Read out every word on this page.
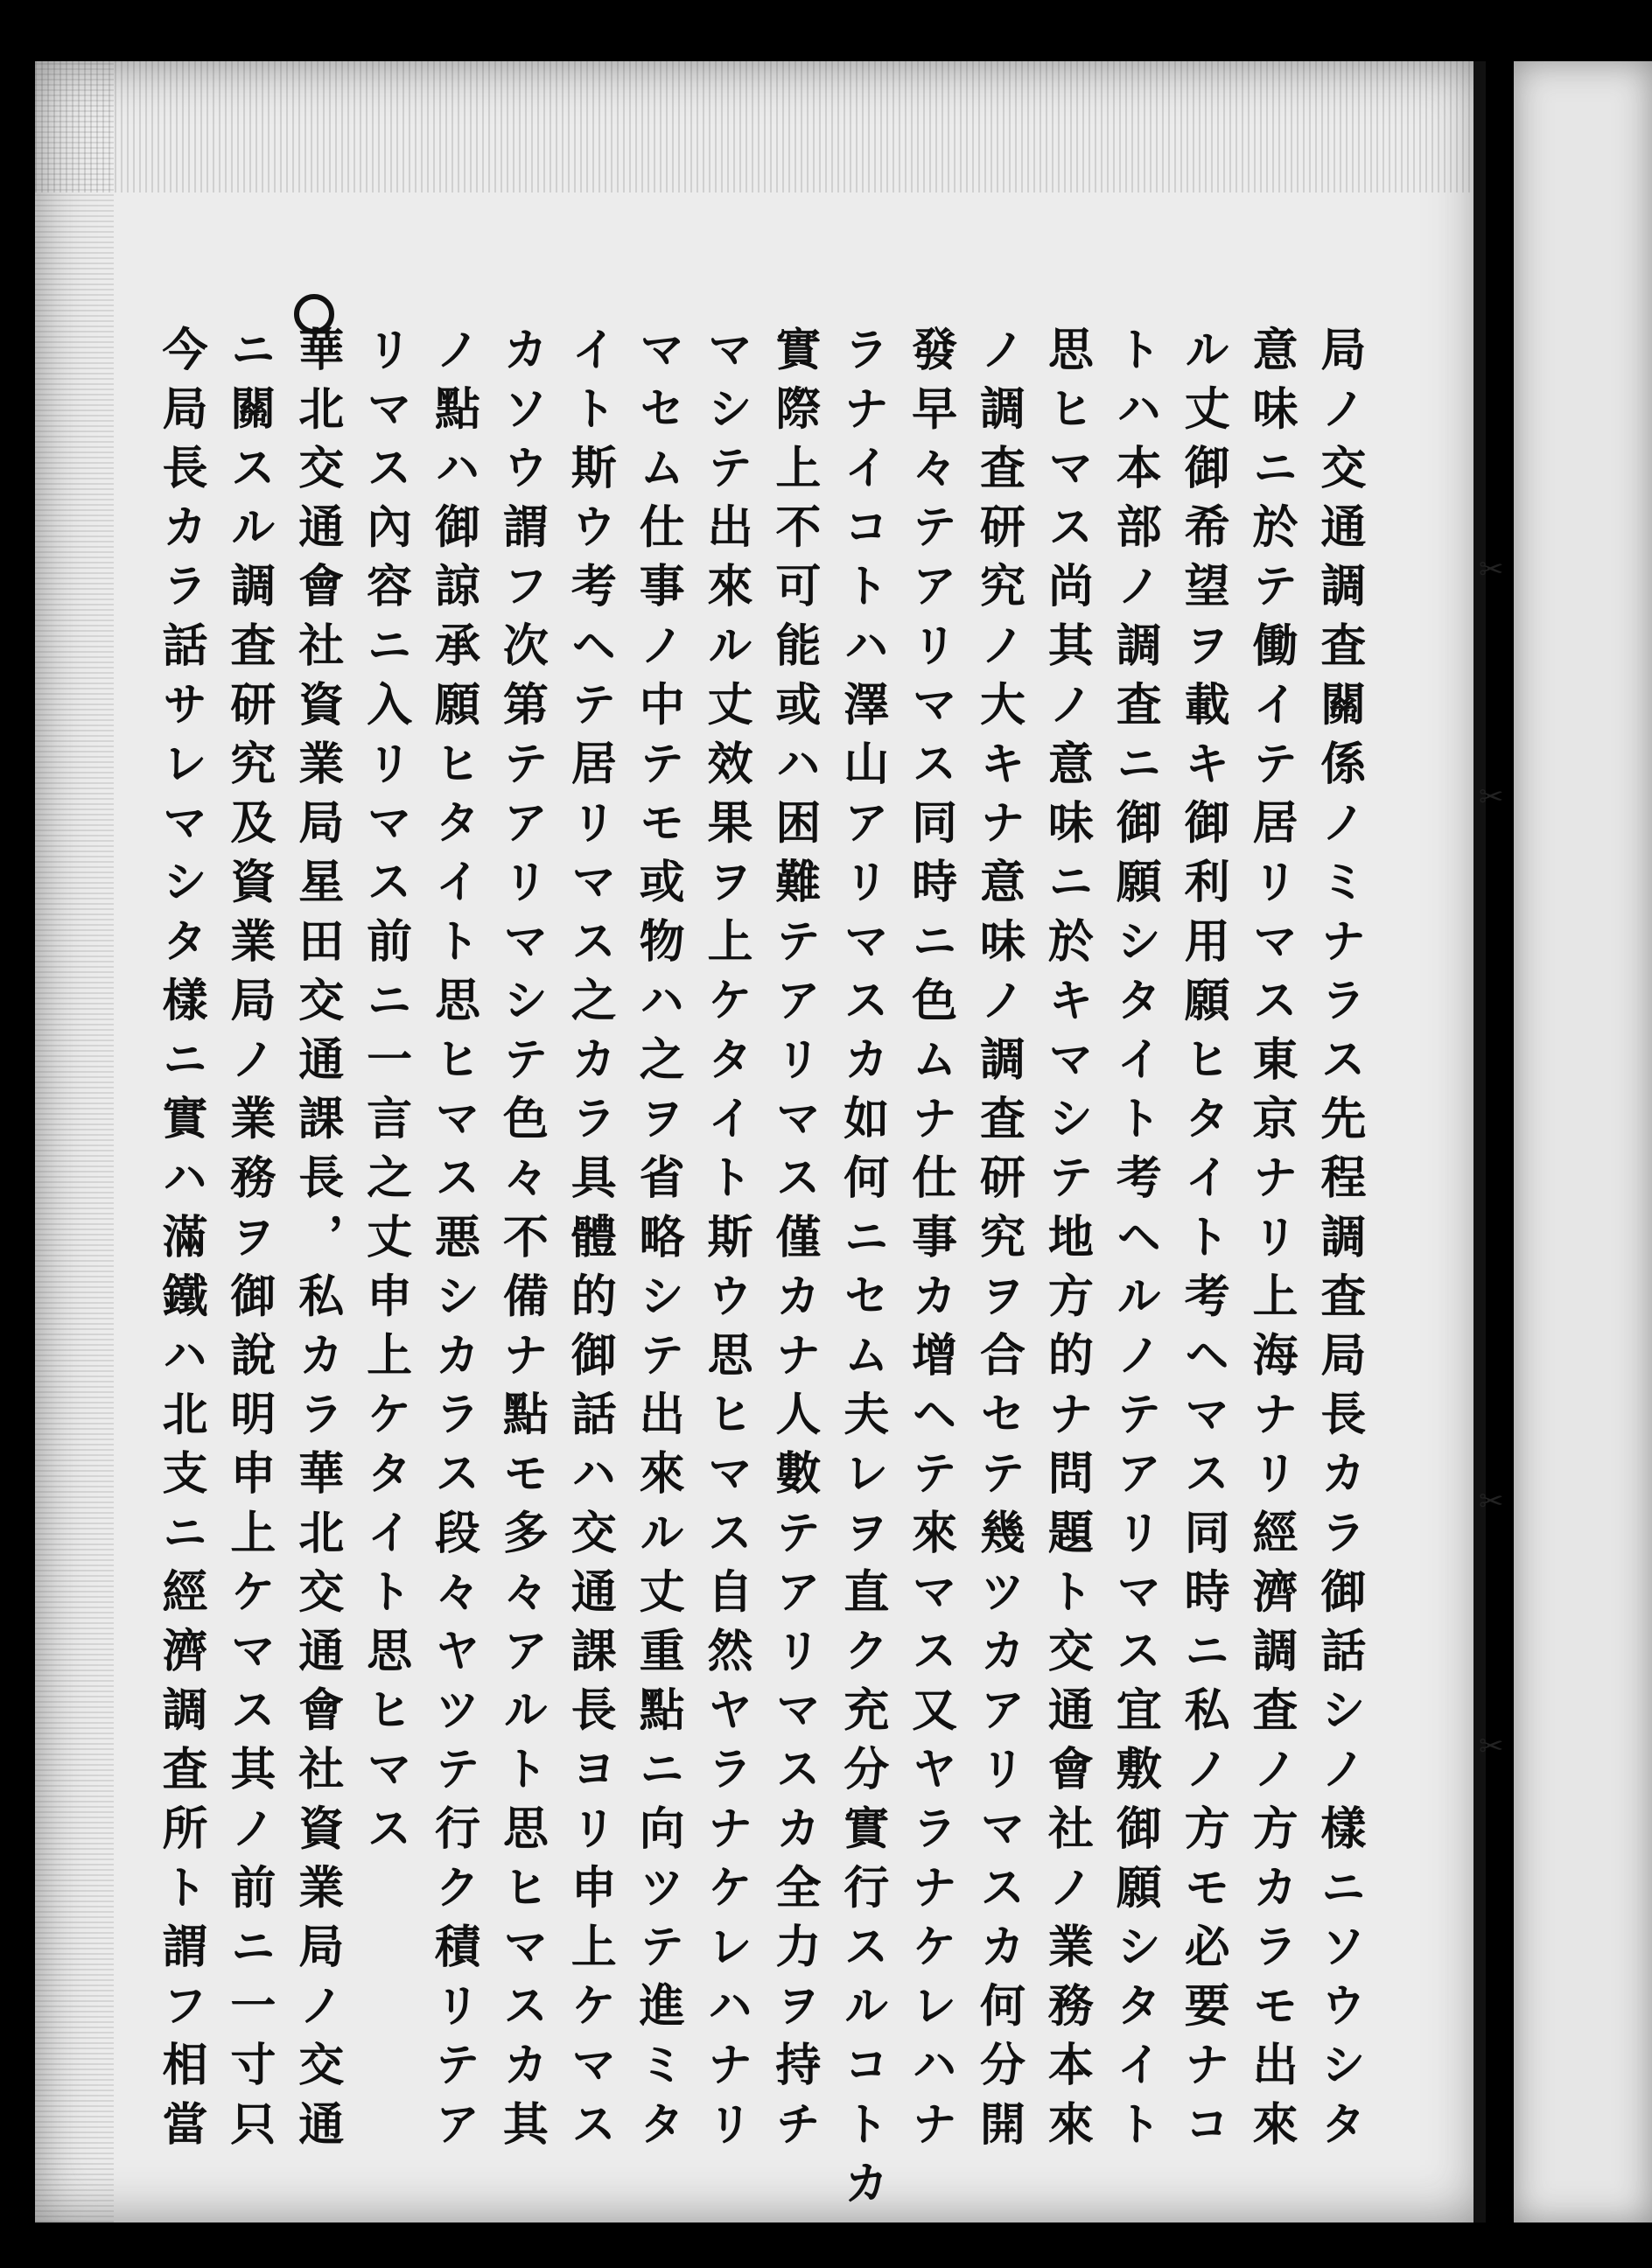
✂
✂
✂
✂
局ノ交通調査關係ノミナラス先程調査局長カラ御話シノ樣ニソウシタ
意味ニ於テ働イテ居リマス東京ナリ上海ナリ經濟調査ノ方カラモ出來
ル丈御希望ヲ載キ御利用願ヒタイト考ヘマス同時ニ私ノ方モ必要ナコ
トハ本部ノ調査ニ御願シタイト考ヘルノテアリマス宜敷御願シタイト
思ヒマス尚其ノ意味ニ於キマシテ地方的ナ問題ト交通會社ノ業務本來
ノ調査研究ノ大キナ意味ノ調査研究ヲ合セテ幾ツカアリマスカ何分開
發早々テアリマス同時ニ色ムナ仕事カ增ヘテ來マス又ヤラナケレハナ
ラナイコトハ澤山アリマスカ如何ニセム夫レヲ直ク充分實行スルコトカ
實際上不可能或ハ困難テアリマス僅カナ人數テアリマスカ全力ヲ持チ
マシテ出來ル丈效果ヲ上ケタイト斯ウ思ヒマス自然ヤラナケレハナリ
マセム仕事ノ中テモ或物ハ之ヲ省略シテ出來ル丈重點ニ向ツテ進ミタ
イト斯ウ考ヘテ居リマス之カラ具體的御話ハ交通課長ヨリ申上ケマス
カソウ謂フ次第テアリマシテ色々不備ナ點モ多々アルト思ヒマスカ其
ノ點ハ御諒承願ヒタイト思ヒマス悪シカラス段々ヤツテ行ク積リテア
リマス內容ニ入リマス前ニ一言之丈申上ケタイト思ヒマス
華北交通會社資業局星田交通課長，私カラ華北交通會社資業局ノ交通
ニ關スル調査研究及資業局ノ業務ヲ御說明申上ケマス其ノ前ニ一寸只
今局長カラ話サレマシタ樣ニ實ハ滿鐵ハ北支ニ經濟調査所ト謂フ相當
